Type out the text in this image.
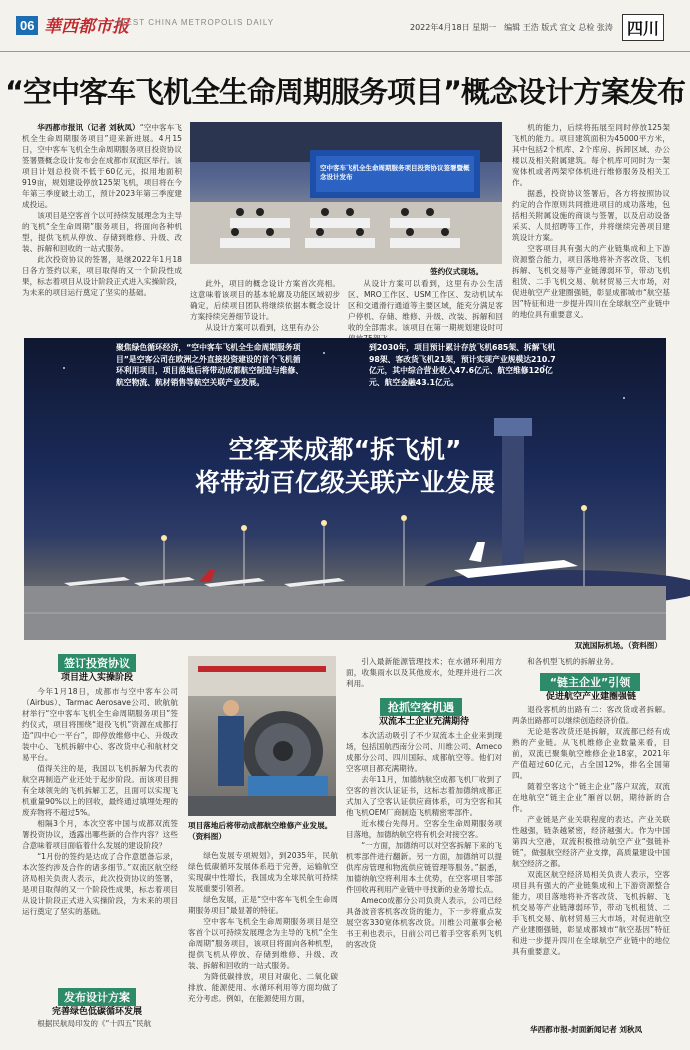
06 華西都市报
WEST CHINA METROPOLIS DAILY
2022年4月18日 星期一　编辑 王浩 版式 宜文 总检 张涛 四川
“空中客车飞机全生命周期服务项目”概念设计方案发布

华西都市报讯（记者 刘秋凤）“空中客车飞机全生命周期服务项目”迎来新进展。4月15日，空中客车飞机全生命周期服务项目投资协议签署暨概念设计发布会在成都市双流区举行。该项目计划总投资不低于60亿元，拟用地面积919亩，规划建设停放125架飞机，项目将在今年第三季度破土动工，预计2023年第三季度建成投运。

该项目是空客首个以可持续发展理念为主导的飞机“全生命周期”服务项目，将面向各种机型，提供飞机从停放、存储到维修、升级、改装、拆解和回收的一站式服务。

此次投资协议的签署，是继2022年1月18日各方签约以来，项目取得的又一个阶段性成果，标志着项目从设计阶段正式进入实操阶段，为未来的项目运行奠定了坚实的基础。

空中客车飞机全生命周期服务项目投资协议签署暨概念设计发布
签约仪式现场。

此外，项目的概念设计方案首次亮相。这意味着该项目的基本轮廓及功能区域初步确定，后续项目团队将继续依据本概念设计方案持续完善细节设计。

从设计方案可以看到，这里有办公

从设计方案可以看到，这里有办公生活区、MRO工作区、USM工作区、发动机试车区和交通滑行通道等主要区域，能充分满足客户停机、存储、维修、升级、改装、拆解和回收的全部需求。该项目在第一期规划建设时可

机的能力，后续将拓展至同时停放125架飞机的能力。项目建筑面积为45000平方米，其中包括2个机库、2个库房、拆卸区域、办公楼以及相关附属建筑。每个机库可同时为一架宽体机或者两架窄体机进行维修服务及相关工作。

据悉，投资协议签署后，各方将按照协议约定的合作原则共同推进项目的成功落地，包括相关附属设施的商谈与签署，以及启动设备采买、人员招聘等工作，并将继续完善项目建筑设计方案。

空客项目具有强大的产业链集成和上下游资源整合能力，项目落地将补齐客改货、飞机拆解、飞机交易等产业链薄弱环节，带动飞机租赁、二手飞机交易、航材贸易三大市场，对促进航空产业建圈强链，彰显成都城市“航空基因”特征和进一步提升四川在全球航空产业链中的地位具有重要意义。

聚焦绿色循环经济，“空中客车飞机全生命周期服务项目”是空客公司在欧洲之外直接投资建设的首个飞机循环利用项目，项目落地后将带动成都航空制造与维修、航空物流、航材销售等航空关联产业发展。
到2030年，项目预计累计存放飞机685架、拆解飞机98架、客改货飞机21架，预计实现产业规模达210.7亿元，其中综合营业收入47.6亿元、航空维修120亿元、航空金融43.1亿元。
空客来成都“拆飞机”
将带动百亿级关联产业发展
双流国际机场。（资料图）
签订投资协议
项目进入实操阶段

今年1月18日，成都市与空中客车公司（Airbus）、Tarmac Aerosave公司、欧航航材举行“空中客车飞机全生命周期服务项目”签约仪式，项目将围绕“退役飞机”资源在成都打造“四中心一平台”，即停放维修中心、升级改装中心、飞机拆解中心、客改货中心和航材交易平台。

值得关注的是，我国以飞机拆解为代表的航空再制造产业还处于起步阶段。而该项目拥有全球领先的飞机拆解工艺，且面可以实现飞机重量90%以上的回收，最终通过填埋处理的废弃物将不超过5%。

相隔3个月，本次空客中国与成都双流签署投资协议，透露出哪些新的合作内容？这些合意味着项目面临着什么发展的建设阶段？

“1月份的签约是达成了合作意愿备忘录，本次签约涉及合作的诸多细节。”双流区航空经济局相关负责人表示，此次投资协议的签署，是项目取得的又一个阶段性成果，标志着项目从设计阶段正式进入实操阶段，为未来的项目运行奠定了坚实的基础。

发布设计方案
完善绿色低碳循环发展

根据民航局印发的《“十四五”民航

项目落地后将带动成都航空维修产业发展。（资料图）

绿色发展专项规划》，到2035年，民航绿色低碳循环发展体系趋于完善，运输航空实现碳中性增长，我国成为全球民航可持续发展重要引领者。

绿色发展，正是“空中客车飞机全生命周期服务项目”最显著的特征。

空中客车飞机全生命周期服务项目是空客首个以可持续发展理念为主导的飞机“全生命周期”服务项目，该项目将面向各种机型，提供飞机从停放、存储到维修、升级、改装、拆解和回收的一站式服务。

为降低碳排放，项目对碳化、二氧化碳排放、能源使用、水循环利用等方面均做了充分考虑。例如，在能源使用方面，

引入最新能源管理技术；在水循环利用方面，收集雨水以及其他废水，处理并进行二次利用。

抢抓空客机遇
双流本土企业充满期待

本次活动吸引了不少双流本土企业来到现场，包括国航西南分公司、川维公司、Ameco成都分公司、四川国际、成都航空等。他们对空客项目都充满期待。

去年11月，加德纳航空成都飞机厂收到了空客的首次认证证书，这标志着加德纳成都正式加入了空客认证供应商体系，可为空客和其他飞机OEM厂商制造飞机精密零部件。

近水楼台先得月。空客全生命周期服务项目落地，加德纳航空将有机会对接空客。

“一方面，加德纳可以对空客拆解下来的飞机零部件进行翻新。另一方面，加德纳可以提供库房管理和物流供应链管理等服务。”据悉，加德纳航空将利用本土优势，在空客项目零部件回收再利用产业链中寻找新的业务增长点。

Ameco成都分公司负责人表示，公司已经具备波音客机客改货的能力，下一步将重点发展空客330宽体机客改货。川维公司董事会秘书王利也表示，日前公司已着手空客系列飞机的客改货

和各机型飞机的拆解业务。

“链主企业”引领
促进航空产业建圈强链

退役客机的出路有二：客改货或者拆解。两条出路都可以继续创造经济价值。

无论是客改货还是拆解，双流都已经有成熟的产业链。从飞机维修企业数量来看，目前，双流已聚集航空维修企业18家，2021年产值超过60亿元，占全国12%，排名全国第四。

随着空客这个“链主企业”落户双流，双流在地航空“链主企业”雁首以朝，期待新的合作。

产业链是产业关联程度的表达。产业关联性越强，链条越紧密，经济越强大。作为中国第四大空港，双流积极推动航空产业“强链补链”，做强航空经济产业支撑，高质量建设中国航空经济之都。

双流区航空经济局相关负责人表示，空客项目具有强大的产业链集成和上下游资源整合能力，项目落地将补齐客改货、飞机拆解、飞机交易等产业链薄弱环节，带动飞机租赁、二手飞机交易、航材贸易三大市场，对促进航空产业建圈强链，彰显成都城市“航空基因”特征和进一步提升四川在全球航空产业链中的地位具有重要意义。

华西都市报-封面新闻记者 刘秋凤
